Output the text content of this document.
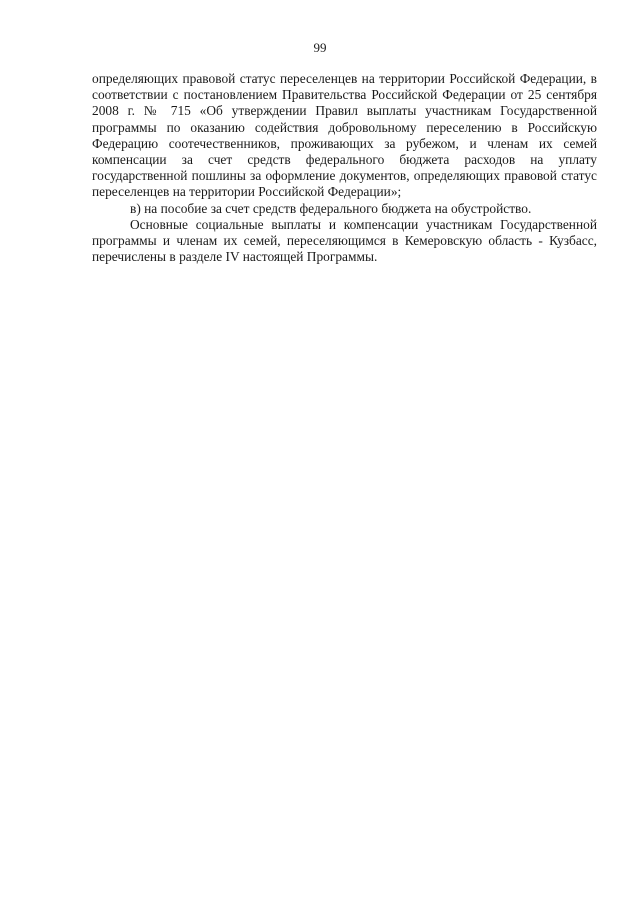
99

определяющих правовой статус переселенцев на территории Российской Федерации, в соответствии с постановлением Правительства Российской Федерации от 25 сентября 2008 г. № 715 «Об утверждении Правил выплаты участникам Государственной программы по оказанию содействия добровольному переселению в Российскую Федерацию соотечественников, проживающих за рубежом, и членам их семей компенсации за счет средств федерального бюджета расходов на уплату государственной пошлины за оформление документов, определяющих правовой статус переселенцев на территории Российской Федерации»;

в) на пособие за счет средств федерального бюджета на обустройство.

Основные социальные выплаты и компенсации участникам Государственной программы и членам их семей, переселяющимся в Кемеровскую область - Кузбасс, перечислены в разделе IV настоящей Программы.
